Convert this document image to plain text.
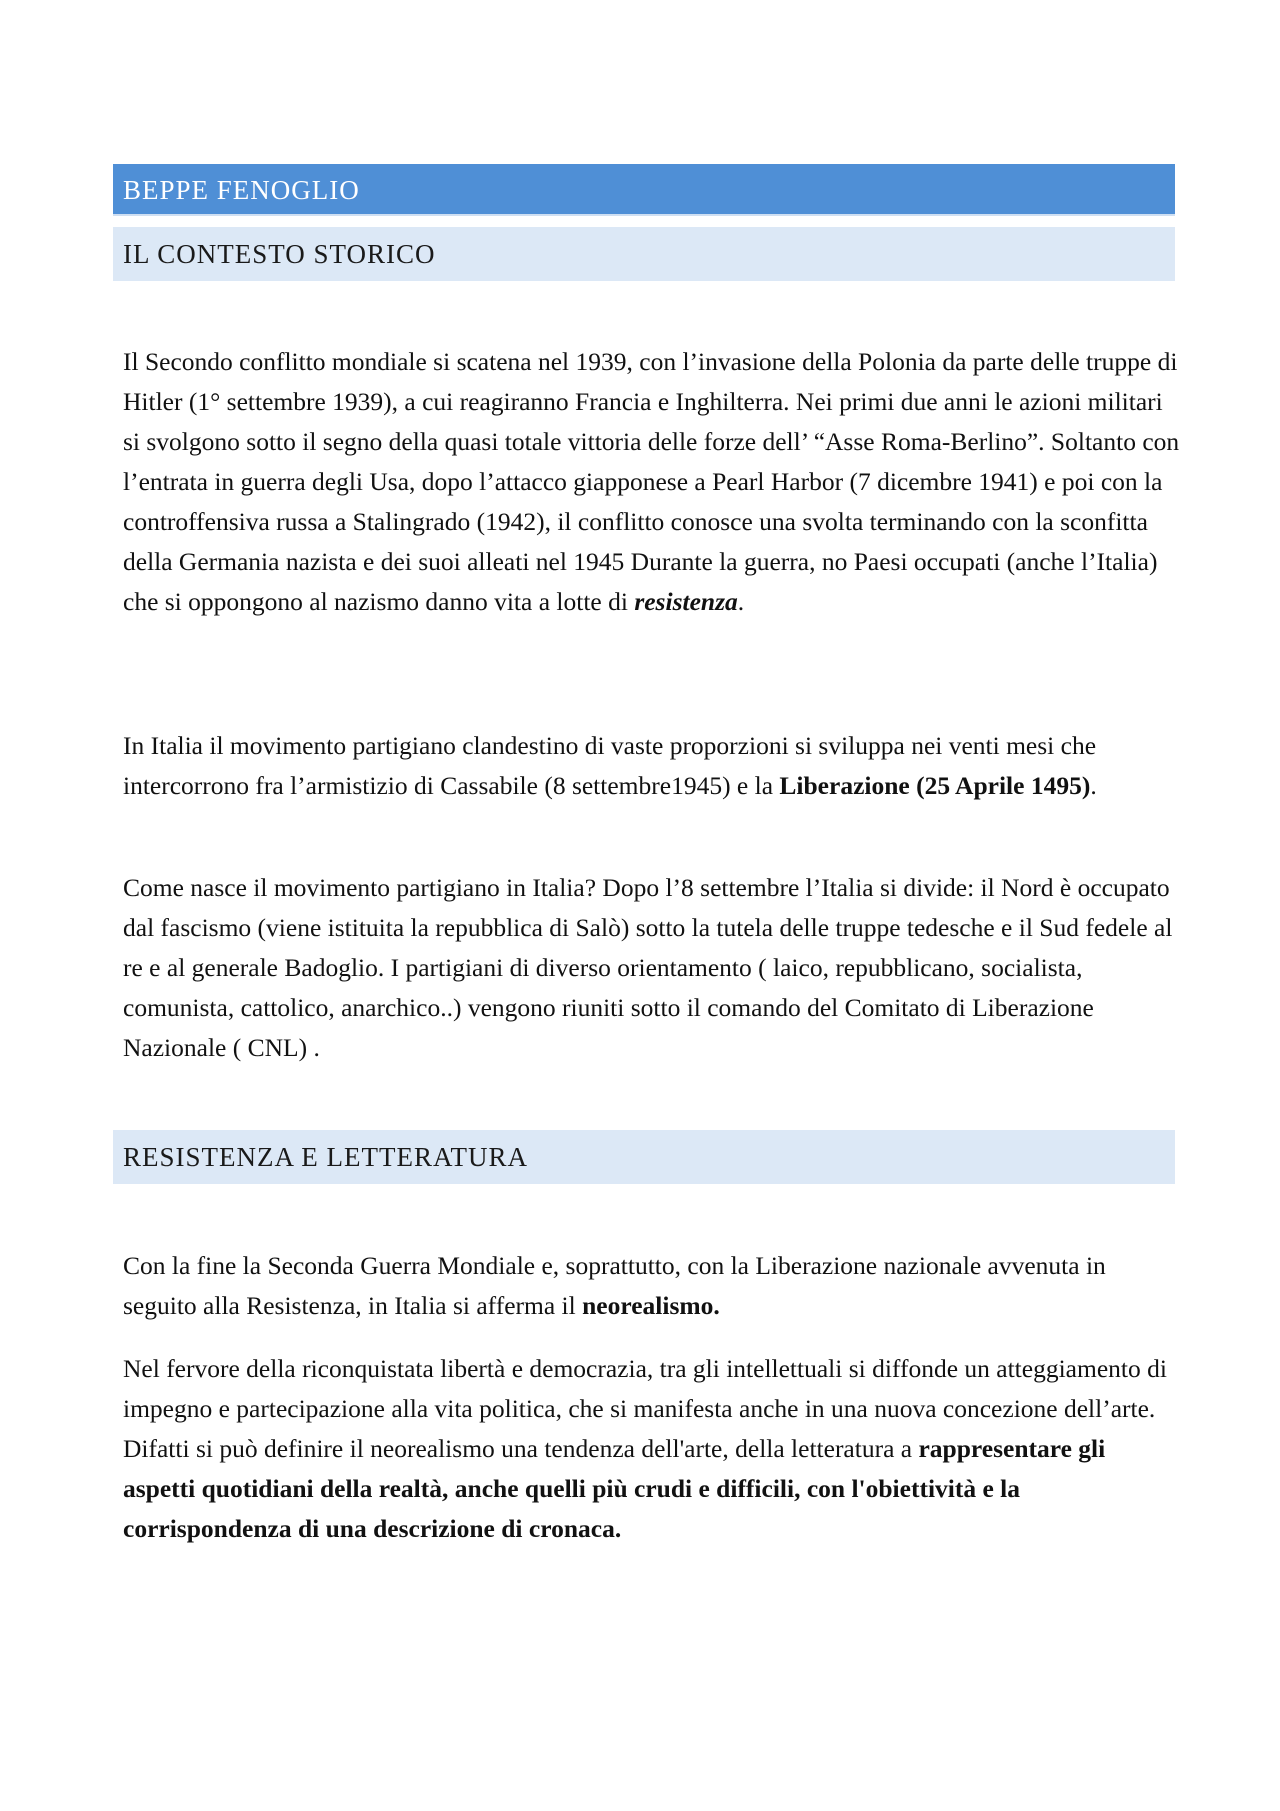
BEPPE FENOGLIO
IL CONTESTO STORICO

Il Secondo conflitto mondiale si scatena nel 1939, con l’invasione della Polonia da parte delle truppe di Hitler (1° settembre 1939), a cui reagiranno Francia e Inghilterra. Nei primi due anni le azioni militari si svolgono sotto il segno della quasi totale vittoria delle forze dell’ “Asse Roma-Berlino”. Soltanto con l’entrata in guerra degli Usa, dopo l’attacco giapponese a Pearl Harbor (7 dicembre 1941) e poi con la controffensiva russa a Stalingrado (1942), il conflitto conosce una svolta terminando con la sconfitta della Germania nazista e dei suoi alleati nel 1945 Durante la guerra, no Paesi occupati (anche l’Italia) che si oppongono al nazismo danno vita a lotte di resistenza.

In Italia il movimento partigiano clandestino di vaste proporzioni si sviluppa nei venti mesi che intercorrono fra l’armistizio di Cassabile (8 settembre1945) e la Liberazione (25 Aprile 1495).

Come nasce il movimento partigiano in Italia? Dopo l’8 settembre l’Italia si divide: il Nord è occupato dal fascismo (viene istituita la repubblica di Salò) sotto la tutela delle truppe tedesche e il Sud fedele al re e al generale Badoglio. I partigiani di diverso orientamento ( laico, repubblicano, socialista, comunista, cattolico, anarchico..) vengono riuniti sotto il comando del Comitato di Liberazione Nazionale ( CNL) .

RESISTENZA E LETTERATURA

Con la fine la Seconda Guerra Mondiale e, soprattutto, con la Liberazione nazionale avvenuta in seguito alla Resistenza, in Italia si afferma il neorealismo.

Nel fervore della riconquistata libertà e democrazia, tra gli intellettuali si diffonde un atteggiamento di impegno e partecipazione alla vita politica, che si manifesta anche in una nuova concezione dell’arte. Difatti si può definire il neorealismo una tendenza dell'arte, della letteratura a rappresentare gli aspetti quotidiani della realtà, anche quelli più crudi e difficili, con l'obiettività e la corrispondenza di una descrizione di cronaca.
